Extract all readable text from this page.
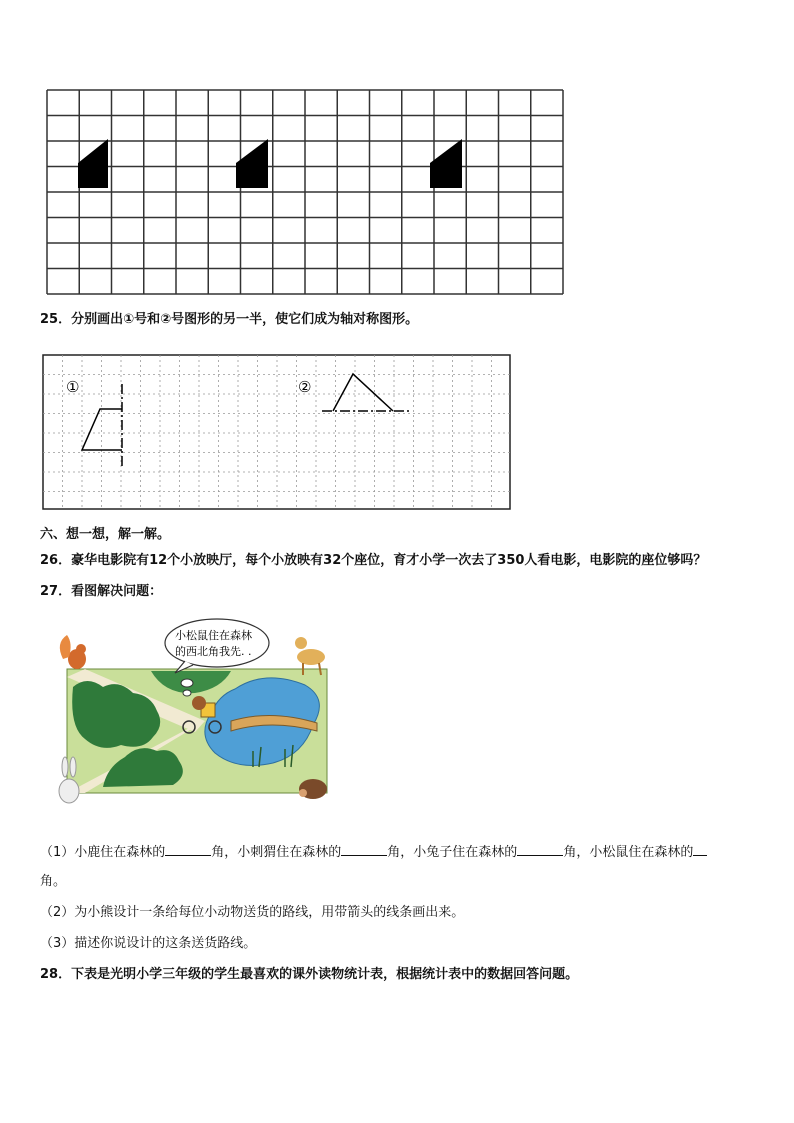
25．分别画出①号和②号图形的另一半，使它们成为轴对称图形。
①	②
六、想一想，解一解。
26．豪华电影院有12个小放映厅，每个小放映有32个座位，育才小学一次去了350人看电影，电影院的座位够吗？
27．看图解决问题：
小松鼠住在森林
的西北角我先. .
（1）小鹿住在森林的	角，小刺猬住在森林的	角，小兔子住在森林的	角，小松鼠住在森林的
角。
（2）为小熊设计一条给每位小动物送货的路线，用带箭头的线条画出来。
（3）描述你说设计的这条送货路线。
28．下表是光明小学三年级的学生最喜欢的课外读物统计表，根据统计表中的数据回答问题。
